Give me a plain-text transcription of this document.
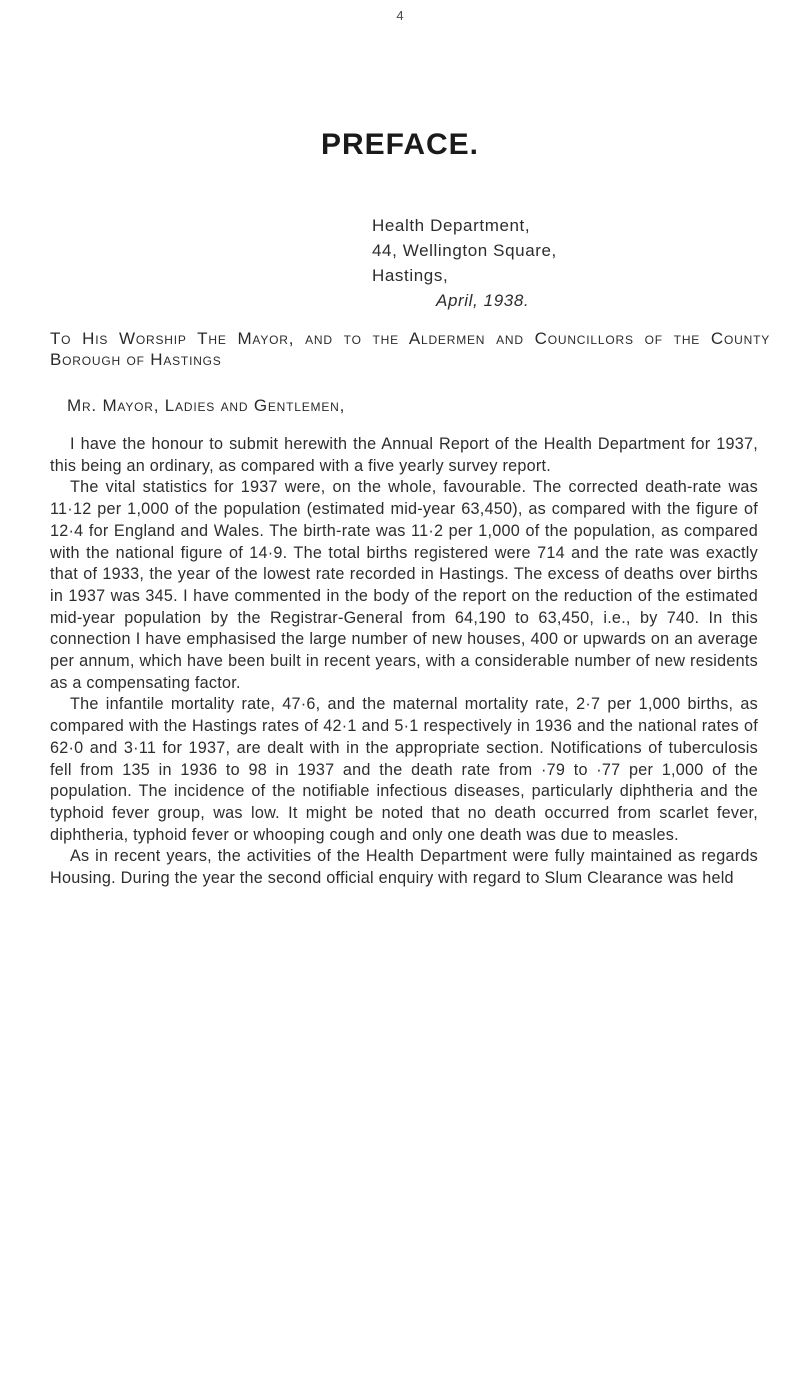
4
PREFACE.
Health Department,
44, Wellington Square,
Hastings,
April, 1938.
To His Worship The Mayor, and to the Aldermen and Councillors of the County Borough of Hastings
Mr. Mayor, Ladies and Gentlemen,

I have the honour to submit herewith the Annual Report of the Health Department for 1937, this being an ordinary, as compared with a five yearly survey report.

The vital statistics for 1937 were, on the whole, favourable. The corrected death-rate was 11·12 per 1,000 of the population (estimated mid-year 63,450), as compared with the figure of 12·4 for England and Wales. The birth-rate was 11·2 per 1,000 of the population, as compared with the national figure of 14·9. The total births registered were 714 and the rate was exactly that of 1933, the year of the lowest rate recorded in Hastings. The excess of deaths over births in 1937 was 345. I have commented in the body of the report on the reduction of the estimated mid-year population by the Registrar-General from 64,190 to 63,450, i.e., by 740. In this connection I have emphasised the large number of new houses, 400 or upwards on an average per annum, which have been built in recent years, with a considerable number of new residents as a compensating factor.

The infantile mortality rate, 47·6, and the maternal mortality rate, 2·7 per 1,000 births, as compared with the Hastings rates of 42·1 and 5·1 respectively in 1936 and the national rates of 62·0 and 3·11 for 1937, are dealt with in the appropriate section. Notifications of tuberculosis fell from 135 in 1936 to 98 in 1937 and the death rate from ·79 to ·77 per 1,000 of the population. The incidence of the notifiable infectious diseases, particularly diphtheria and the typhoid fever group, was low. It might be noted that no death occurred from scarlet fever, diphtheria, typhoid fever or whooping cough and only one death was due to measles.

As in recent years, the activities of the Health Department were fully maintained as regards Housing. During the year the second official enquiry with regard to Slum Clearance was held
